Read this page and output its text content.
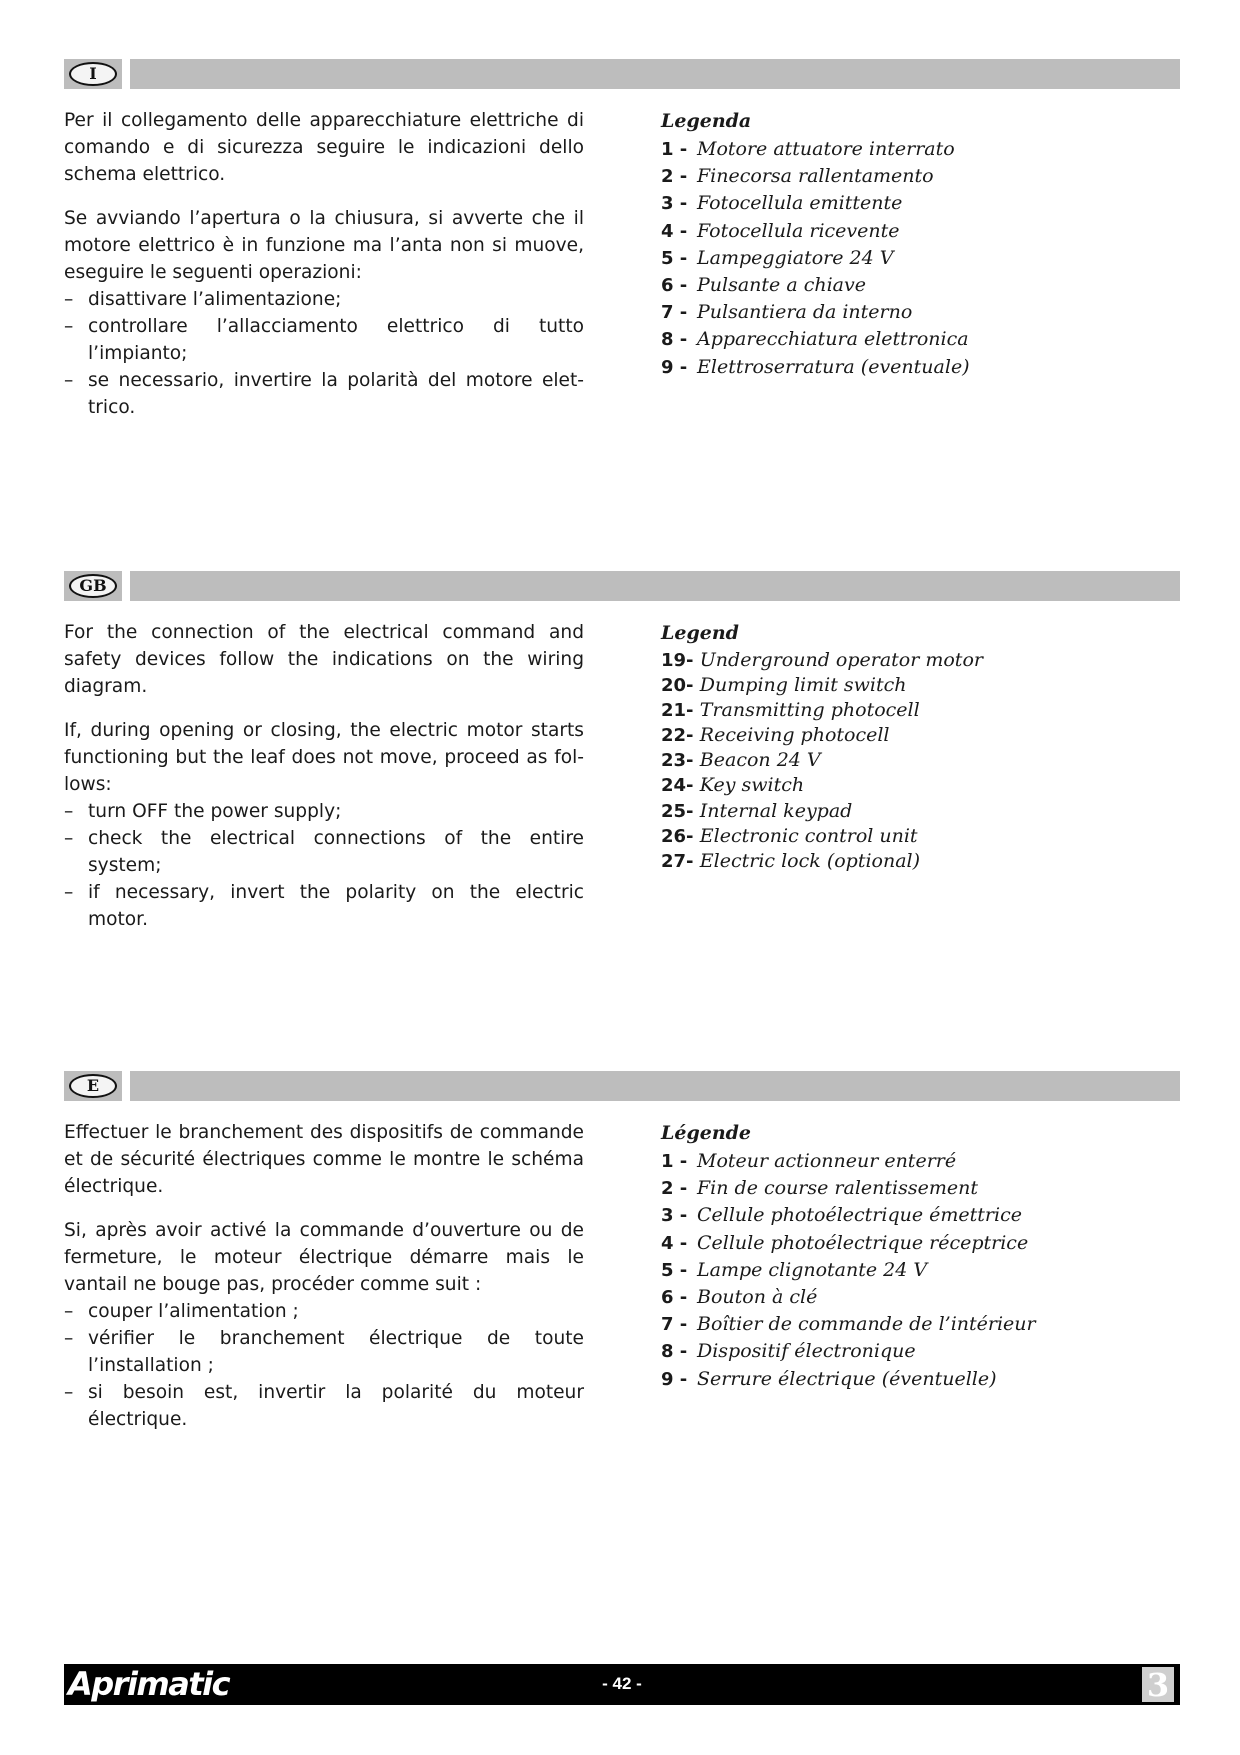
I

Per il collegamento delle apparecchiature elettriche di comando e di sicurezza seguire le indicazioni dello schema elettrico.

Se avviando l’apertura o la chiusura, si avverte che il motore elettrico è in funzione ma l’anta non si muove, eseguire le seguenti operazioni:

– disattivare l’alimentazione;
– controllare l’allacciamento elettrico di tutto l’impianto;
– se necessario, invertire la polarità del motore elet-trico.
Legenda
1 - Motore attuatore interrato
2 - Finecorsa rallentamento
3 - Fotocellula emittente
4 - Fotocellula ricevente
5 - Lampeggiatore 24 V
6 - Pulsante a chiave
7 - Pulsantiera da interno
8 - Apparecchiatura elettronica
9 - Elettroserratura (eventuale)
GB

For the connection of the electrical command and safety devices follow the indications on the wiring diagram.

If, during opening or closing, the electric motor starts functioning but the leaf does not move, proceed as fol-lows:

– turn OFF the power supply;
– check the electrical connections of the entire system;
– if necessary, invert the polarity on the electric motor.
Legend
19- Underground operator motor
20- Dumping limit switch
21- Transmitting photocell
22- Receiving photocell
23- Beacon 24 V
24- Key switch
25- Internal keypad
26- Electronic control unit
27- Electric lock (optional)
E

Effectuer le branchement des dispositifs de commande et de sécurité électriques comme le montre le schéma électrique.

Si, après avoir activé la commande d’ouverture ou de fermeture, le moteur électrique démarre mais le vantail ne bouge pas, procéder comme suit :

– couper l’alimentation ;
– vérifier le branchement électrique de toute l’installation ;
– si besoin est, invertir la polarité du moteur électrique.
Légende
1 - Moteur actionneur enterré
2 - Fin de course ralentissement
3 - Cellule photoélectrique émettrice
4 - Cellule photoélectrique réceptrice
5 - Lampe clignotante 24 V
6 - Bouton à clé
7 - Boîtier de commande de l’intérieur
8 - Dispositif électronique
9 - Serrure électrique (éventuelle)
Aprimatic	- 42 -	3
